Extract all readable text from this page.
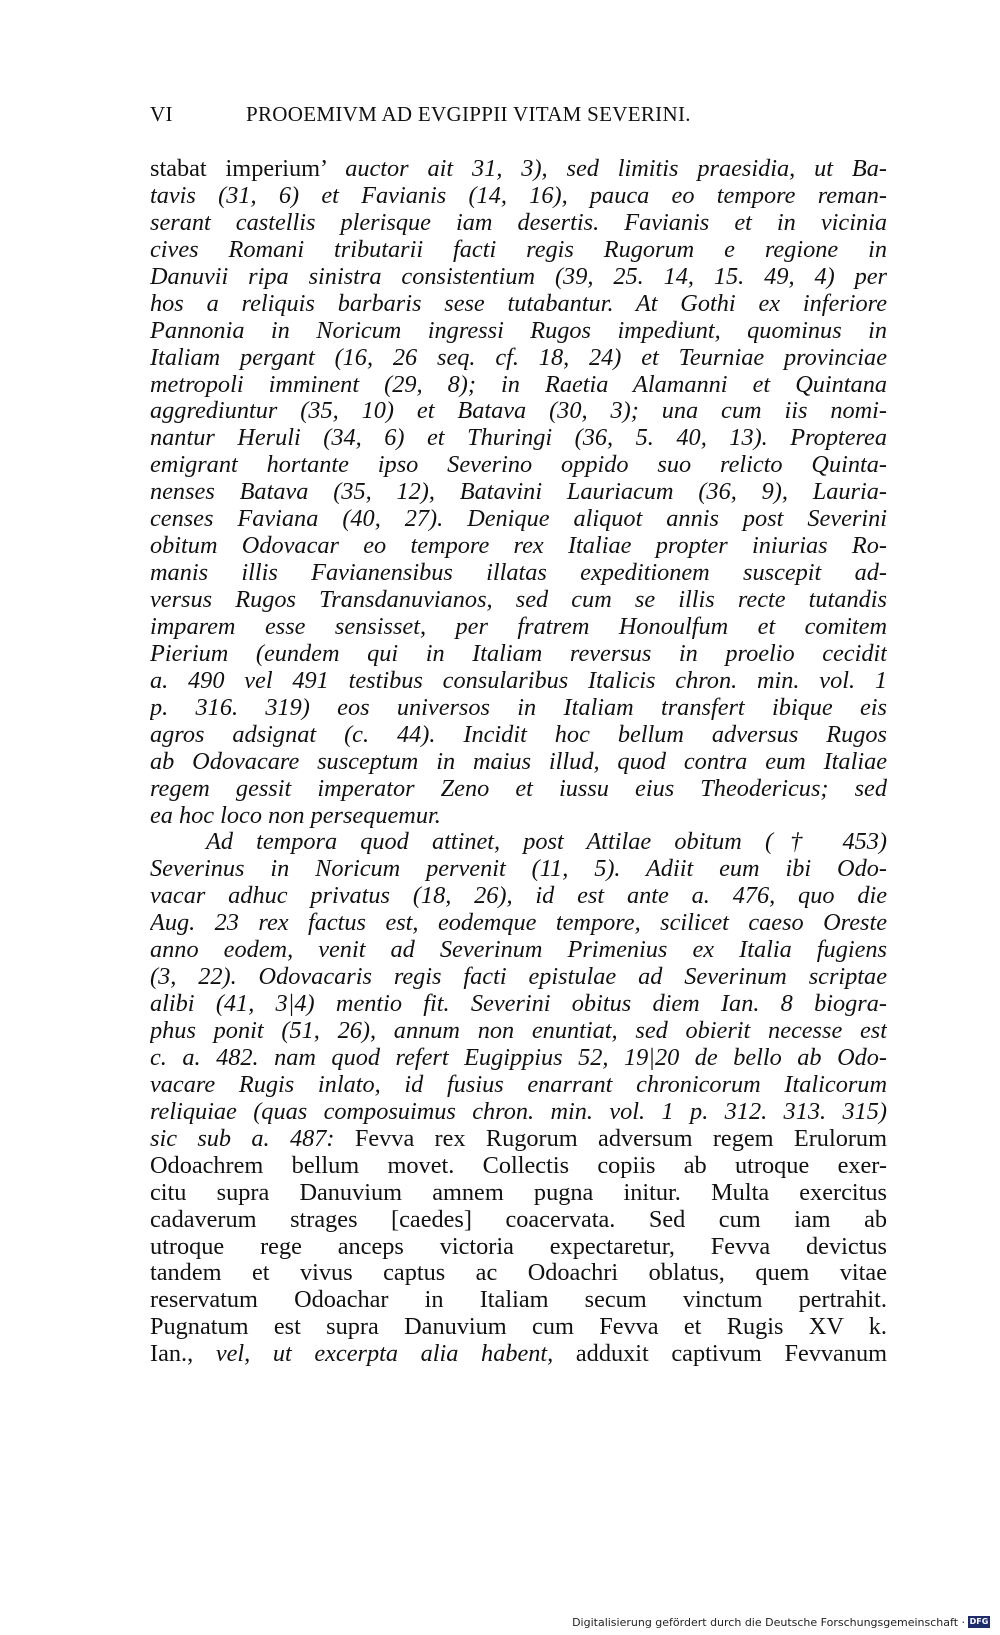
VI	PROOEMIVM AD EVGIPPII VITAM SEVERINI.
stabat imperium’ auctor ait 31, 3), sed limitis praesidia, ut Ba-
tavis (31, 6) et Favianis (14, 16), pauca eo tempore reman-
serant castellis plerisque iam desertis. Favianis et in vicinia
cives Romani tributarii facti regis Rugorum e regione in
Danuvii ripa sinistra consistentium (39, 25. 14, 15. 49, 4) per
hos a reliquis barbaris sese tutabantur. At Gothi ex inferiore
Pannonia in Noricum ingressi Rugos impediunt, quominus in
Italiam pergant (16, 26 seq. cf. 18, 24) et Teurniae provinciae
metropoli imminent (29, 8); in Raetia Alamanni et Quintana
aggrediuntur (35, 10) et Batava (30, 3); una cum iis nomi-
nantur Heruli (34, 6) et Thuringi (36, 5. 40, 13). Propterea
emigrant hortante ipso Severino oppido suo relicto Quinta-
nenses Batava (35, 12), Batavini Lauriacum (36, 9), Lauria-
censes Faviana (40, 27). Denique aliquot annis post Severini
obitum Odovacar eo tempore rex Italiae propter iniurias Ro-
manis illis Favianensibus illatas expeditionem suscepit ad-
versus Rugos Transdanuvianos, sed cum se illis recte tutandis
imparem esse sensisset, per fratrem Honoulfum et comitem
Pierium (eundem qui in Italiam reversus in proelio cecidit
a. 490 vel 491 testibus consularibus Italicis chron. min. vol. 1
p. 316. 319) eos universos in Italiam transfert ibique eis
agros adsignat (c. 44). Incidit hoc bellum adversus Rugos
ab Odovacare susceptum in maius illud, quod contra eum Italiae
regem gessit imperator Zeno et iussu eius Theodericus; sed
ea hoc loco non persequemur.
Ad tempora quod attinet, post Attilae obitum († 453)
Severinus in Noricum pervenit (11, 5). Adiit eum ibi Odo-
vacar adhuc privatus (18, 26), id est ante a. 476, quo die
Aug. 23 rex factus est, eodemque tempore, scilicet caeso Oreste
anno eodem, venit ad Severinum Primenius ex Italia fugiens
(3, 22). Odovacaris regis facti epistulae ad Severinum scriptae
alibi (41, 3|4) mentio fit. Severini obitus diem Ian. 8 biogra-
phus ponit (51, 26), annum non enuntiat, sed obierit necesse est
c. a. 482. nam quod refert Eugippius 52, 19|20 de bello ab Odo-
vacare Rugis inlato, id fusius enarrant chronicorum Italicorum
reliquiae (quas composuimus chron. min. vol. 1 p. 312. 313. 315)
sic sub a. 487: Fevva rex Rugorum adversum regem Erulorum
Odoachrem bellum movet. Collectis copiis ab utroque exer-
citu supra Danuvium amnem pugna initur. Multa exercitus
cadaverum strages [caedes] coacervata. Sed cum iam ab
utroque rege anceps victoria expectaretur, Fevva devictus
tandem et vivus captus ac Odoachri oblatus, quem vitae
reservatum Odoachar in Italiam secum vinctum pertrahit.
Pugnatum est supra Danuvium cum Fevva et Rugis XV k.
Ian., vel, ut excerpta alia habent, adduxit captivum Fevvanum
Digitalisierung gefördert durch die Deutsche Forschungsgemeinschaft · DFG
